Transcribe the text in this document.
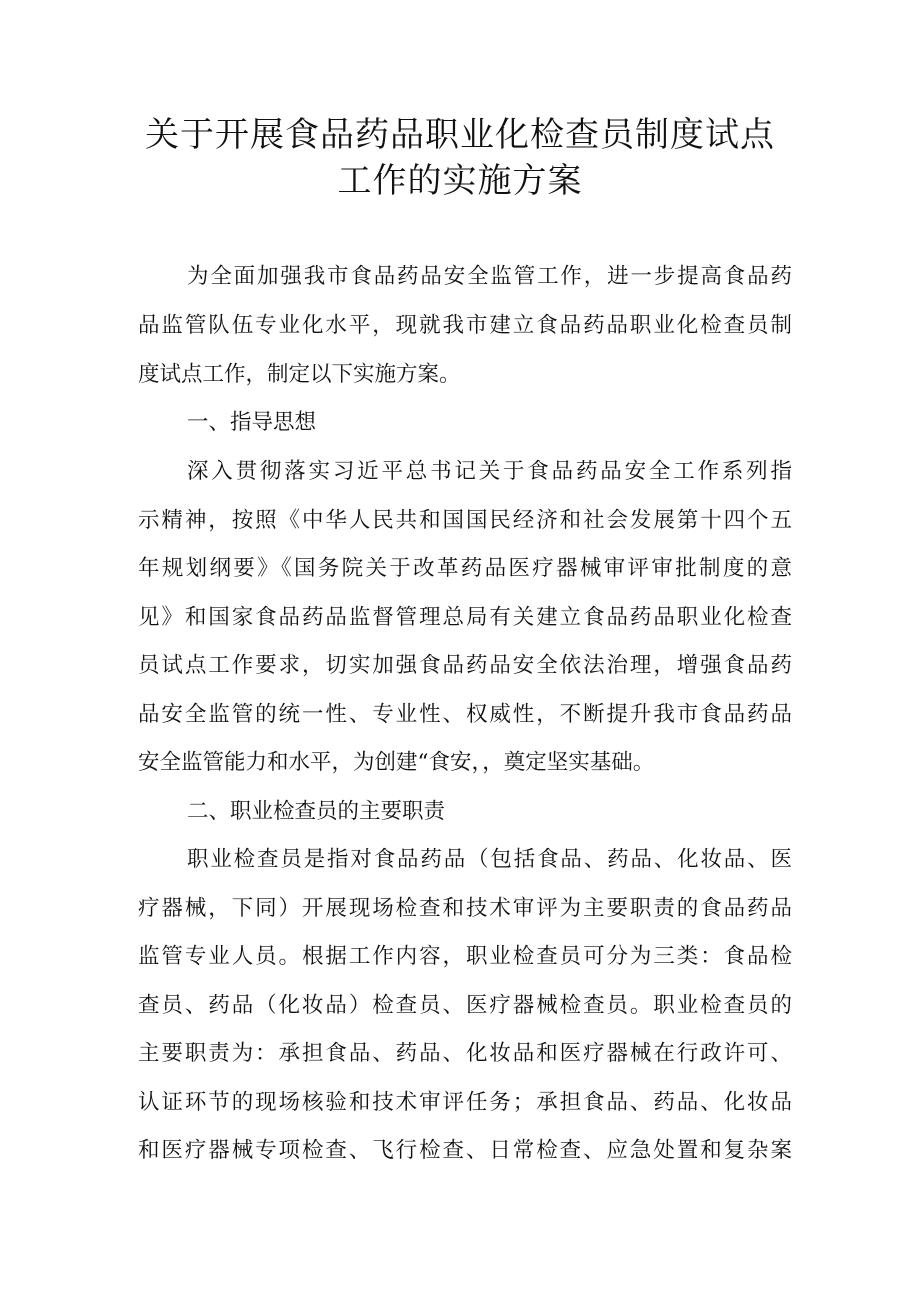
关于开展食品药品职业化检查员制度试点
工作的实施方案
为全面加强我市食品药品安全监管工作，进一步提高食品药
品监管队伍专业化水平，现就我市建立食品药品职业化检查员制
度试点工作，制定以下实施方案。
一、指导思想
深入贯彻落实习近平总书记关于食品药品安全工作系列指
示精神，按照《中华人民共和国国民经济和社会发展第十四个五
年规划纲要》《国务院关于改革药品医疗器械审评审批制度的意
见》和国家食品药品监督管理总局有关建立食品药品职业化检查
员试点工作要求，切实加强食品药品安全依法治理，增强食品药
品安全监管的统一性、专业性、权威性，不断提升我市食品药品
安全监管能力和水平，为创建“食安，，奠定坚实基础。
二、职业检查员的主要职责
职业检查员是指对食品药品（包括食品、药品、化妆品、医
疗器械，下同）开展现场检查和技术审评为主要职责的食品药品
监管专业人员。根据工作内容，职业检查员可分为三类：食品检
查员、药品（化妆品）检查员、医疗器械检查员。职业检查员的
主要职责为：承担食品、药品、化妆品和医疗器械在行政许可、
认证环节的现场核验和技术审评任务；承担食品、药品、化妆品
和医疗器械专项检查、飞行检查、日常检查、应急处置和复杂案
